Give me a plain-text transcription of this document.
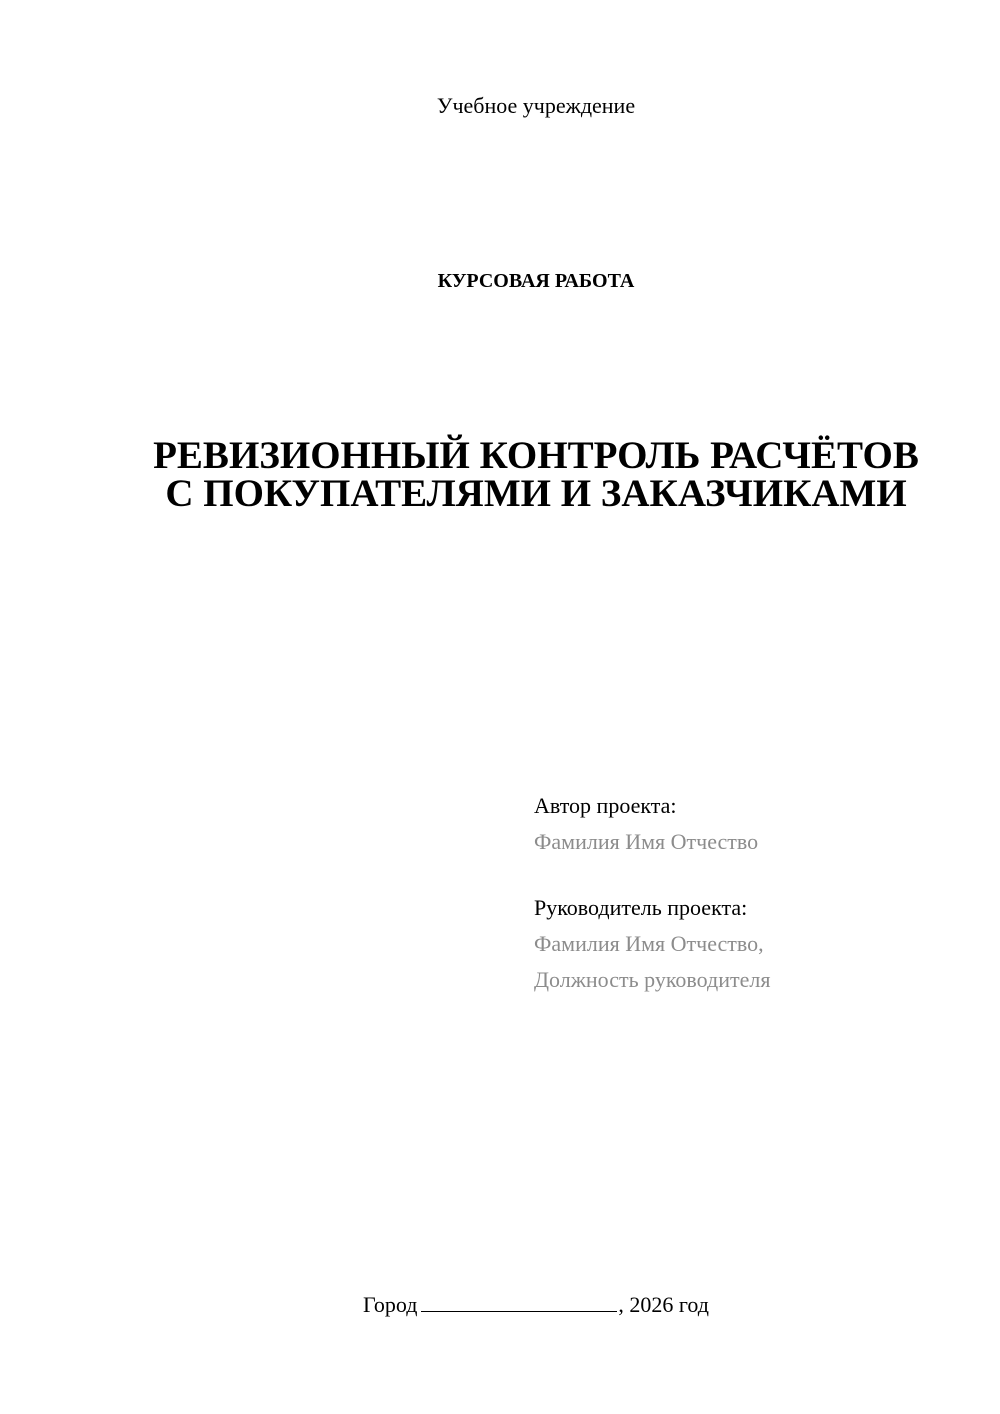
Учебное учреждение
КУРСОВАЯ РАБОТА
РЕВИЗИОННЫЙ КОНТРОЛЬ РАСЧЁТОВ
С ПОКУПАТЕЛЯМИ И ЗАКАЗЧИКАМИ
Автор проекта:
Фамилия Имя Отчество
Руководитель проекта:
Фамилия Имя Отчество,
Должность руководителя
Город	, 2026 год
